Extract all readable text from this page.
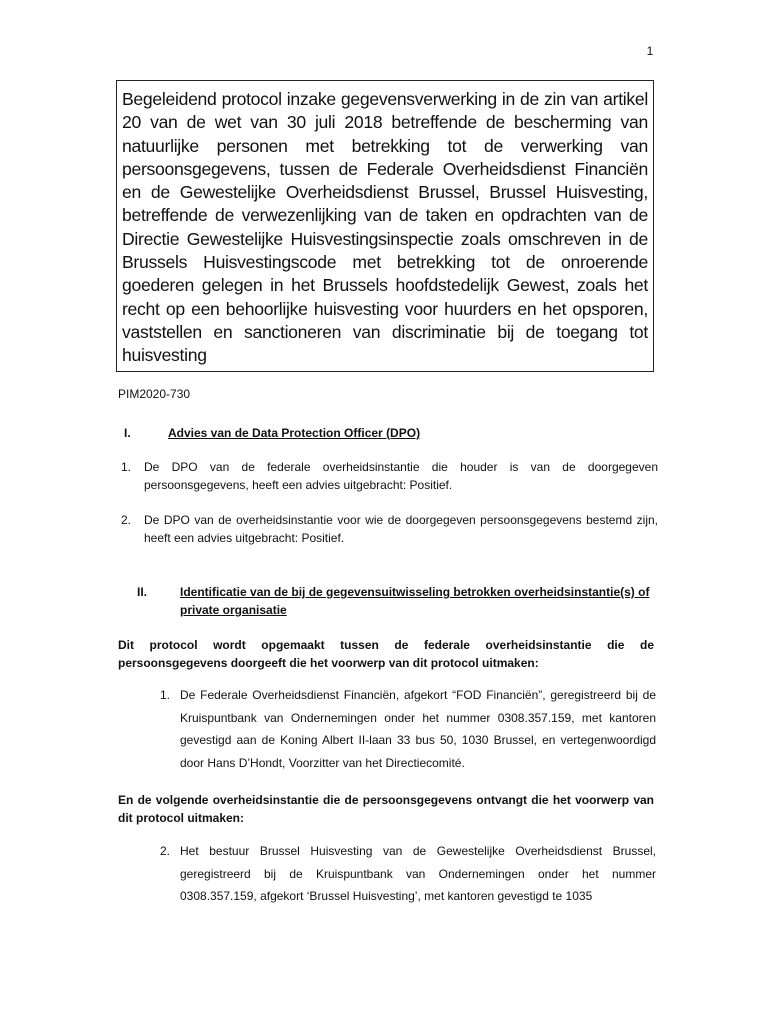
1
Begeleidend protocol inzake gegevensverwerking in de zin van artikel 20 van de wet van 30 juli 2018 betreffende de bescherming van natuurlijke personen met betrekking tot de verwerking van persoonsgegevens, tussen de Federale Overheidsdienst Financiën en de Gewestelijke Overheidsdienst Brussel, Brussel Huisvesting, betreffende de verwezenlijking van de taken en opdrachten van de Directie Gewestelijke Huisvestingsinspectie zoals omschreven in de Brussels Huisvestingscode met betrekking tot de onroerende goederen gelegen in het Brussels hoofdstedelijk Gewest, zoals het recht op een behoorlijke huisvesting voor huurders en het opsporen, vaststellen en sanctioneren van discriminatie bij de toegang tot huisvesting
PIM2020-730
I.	Advies van de Data Protection Officer (DPO)
1. De DPO van de federale overheidsinstantie die houder is van de doorgegeven persoonsgegevens, heeft een advies uitgebracht: Positief.
2. De DPO van de overheidsinstantie voor wie de doorgegeven persoonsgegevens bestemd zijn, heeft een advies uitgebracht: Positief.
II.	Identificatie van de bij de gegevensuitwisseling betrokken overheidsinstantie(s) of private organisatie
Dit protocol wordt opgemaakt tussen de federale overheidsinstantie die de persoonsgegevens doorgeeft die het voorwerp van dit protocol uitmaken:
1. De Federale Overheidsdienst Financiën, afgekort “FOD Financiën”, geregistreerd bij de Kruispuntbank van Ondernemingen onder het nummer 0308.357.159, met kantoren gevestigd aan de Koning Albert II-laan 33 bus 50, 1030 Brussel, en vertegenwoordigd door Hans D’Hondt, Voorzitter van het Directiecomité.
En de volgende overheidsinstantie die de persoonsgegevens ontvangt die het voorwerp van dit protocol uitmaken:
2. Het bestuur Brussel Huisvesting van de Gewestelijke Overheidsdienst Brussel, geregistreerd bij de Kruispuntbank van Ondernemingen onder het nummer 0308.357.159, afgekort ‘Brussel Huisvesting’, met kantoren gevestigd te 1035
